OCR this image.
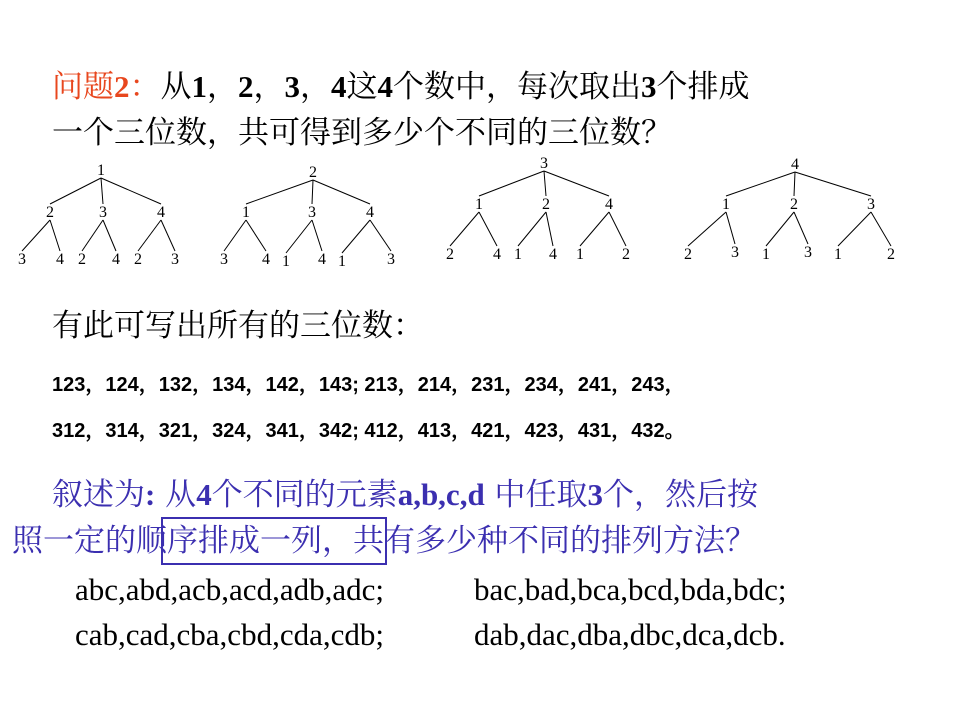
问题2：从1，2，3，4这4个数中，每次取出3个排成
一个三位数，共可得到多少个不同的三位数？
1
2	3	4
3 4 2 4 2 3
2
1	3	4
3 4 1 4 1	3
3
1	2	4
2 4 1 4 1 2
4
1	2	3
2 3 1 3 1	2
有此可写出所有的三位数：
123，124，132，134，142，143; 213，214，231，234，241，243，
312，314，321，324，341，342; 412，413，421，423，431，432。
叙述为: 从4个不同的元素a,b,c,d 中任取3个，然后按
照一定的顺序排成一列，共有多少种不同的排列方法？
abc,abd,acb,acd,adb,adc;	bac,bad,bca,bcd,bda,bdc;
cab,cad,cba,cbd,cda,cdb;	dab,dac,dba,dbc,dca,dcb.
